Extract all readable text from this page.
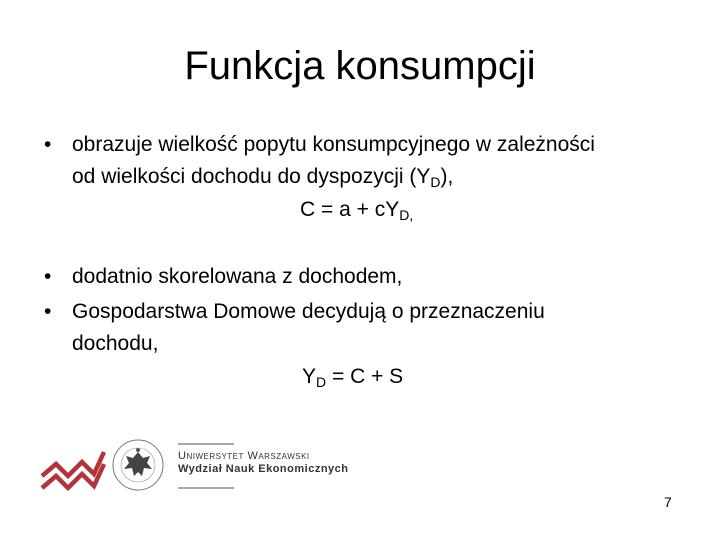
Funkcja konsumpcji
• obrazuje wielkość popytu konsumpcyjnego w zależności
od wielkości dochodu do dyspozycji $(Y_D)$,
$C = a + cY_{D,}$
• dodatnio skorelowana z dochodem,
• Gospodarstwa Domowe decydują o przeznaczeniu
dochodu,
$Y_D = C + S$
Uniwersytet Warszawski
Wydział Nauk Ekonomicznych
7
